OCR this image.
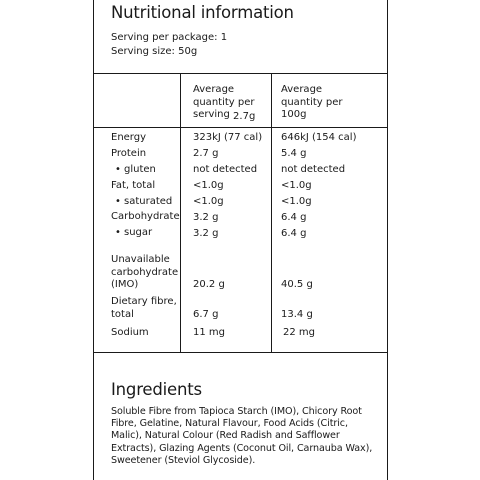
Nutritional information
Serving per package: 1
Serving size: 50g
Average quantity per serving 2.7g
Average quantity per 100g
Energy	323kJ (77 cal) 646kJ (154 cal)
Protein	2.7 g	5.4 g
• gluten	not detected not detected
Fat, total	<1.0g	<1.0g
• saturated <1.0g	<1.0g
Carbohydrate 3.2 g	6.4 g
• sugar	3.2 g	6.4 g
Unavailable carbohydrate (IMO)	20.2 g	40.5 g
Dietary fibre, total	6.7 g	13.4 g
Sodium	11 mg	22 mg
Ingredients
Soluble Fibre from Tapioca Starch (IMO), Chicory Root Fibre, Gelatine, Natural Flavour, Food Acids (Citric, Malic), Natural Colour (Red Radish and Safflower Extracts), Glazing Agents (Coconut Oil, Carnauba Wax), Sweetener (Steviol Glycoside).
